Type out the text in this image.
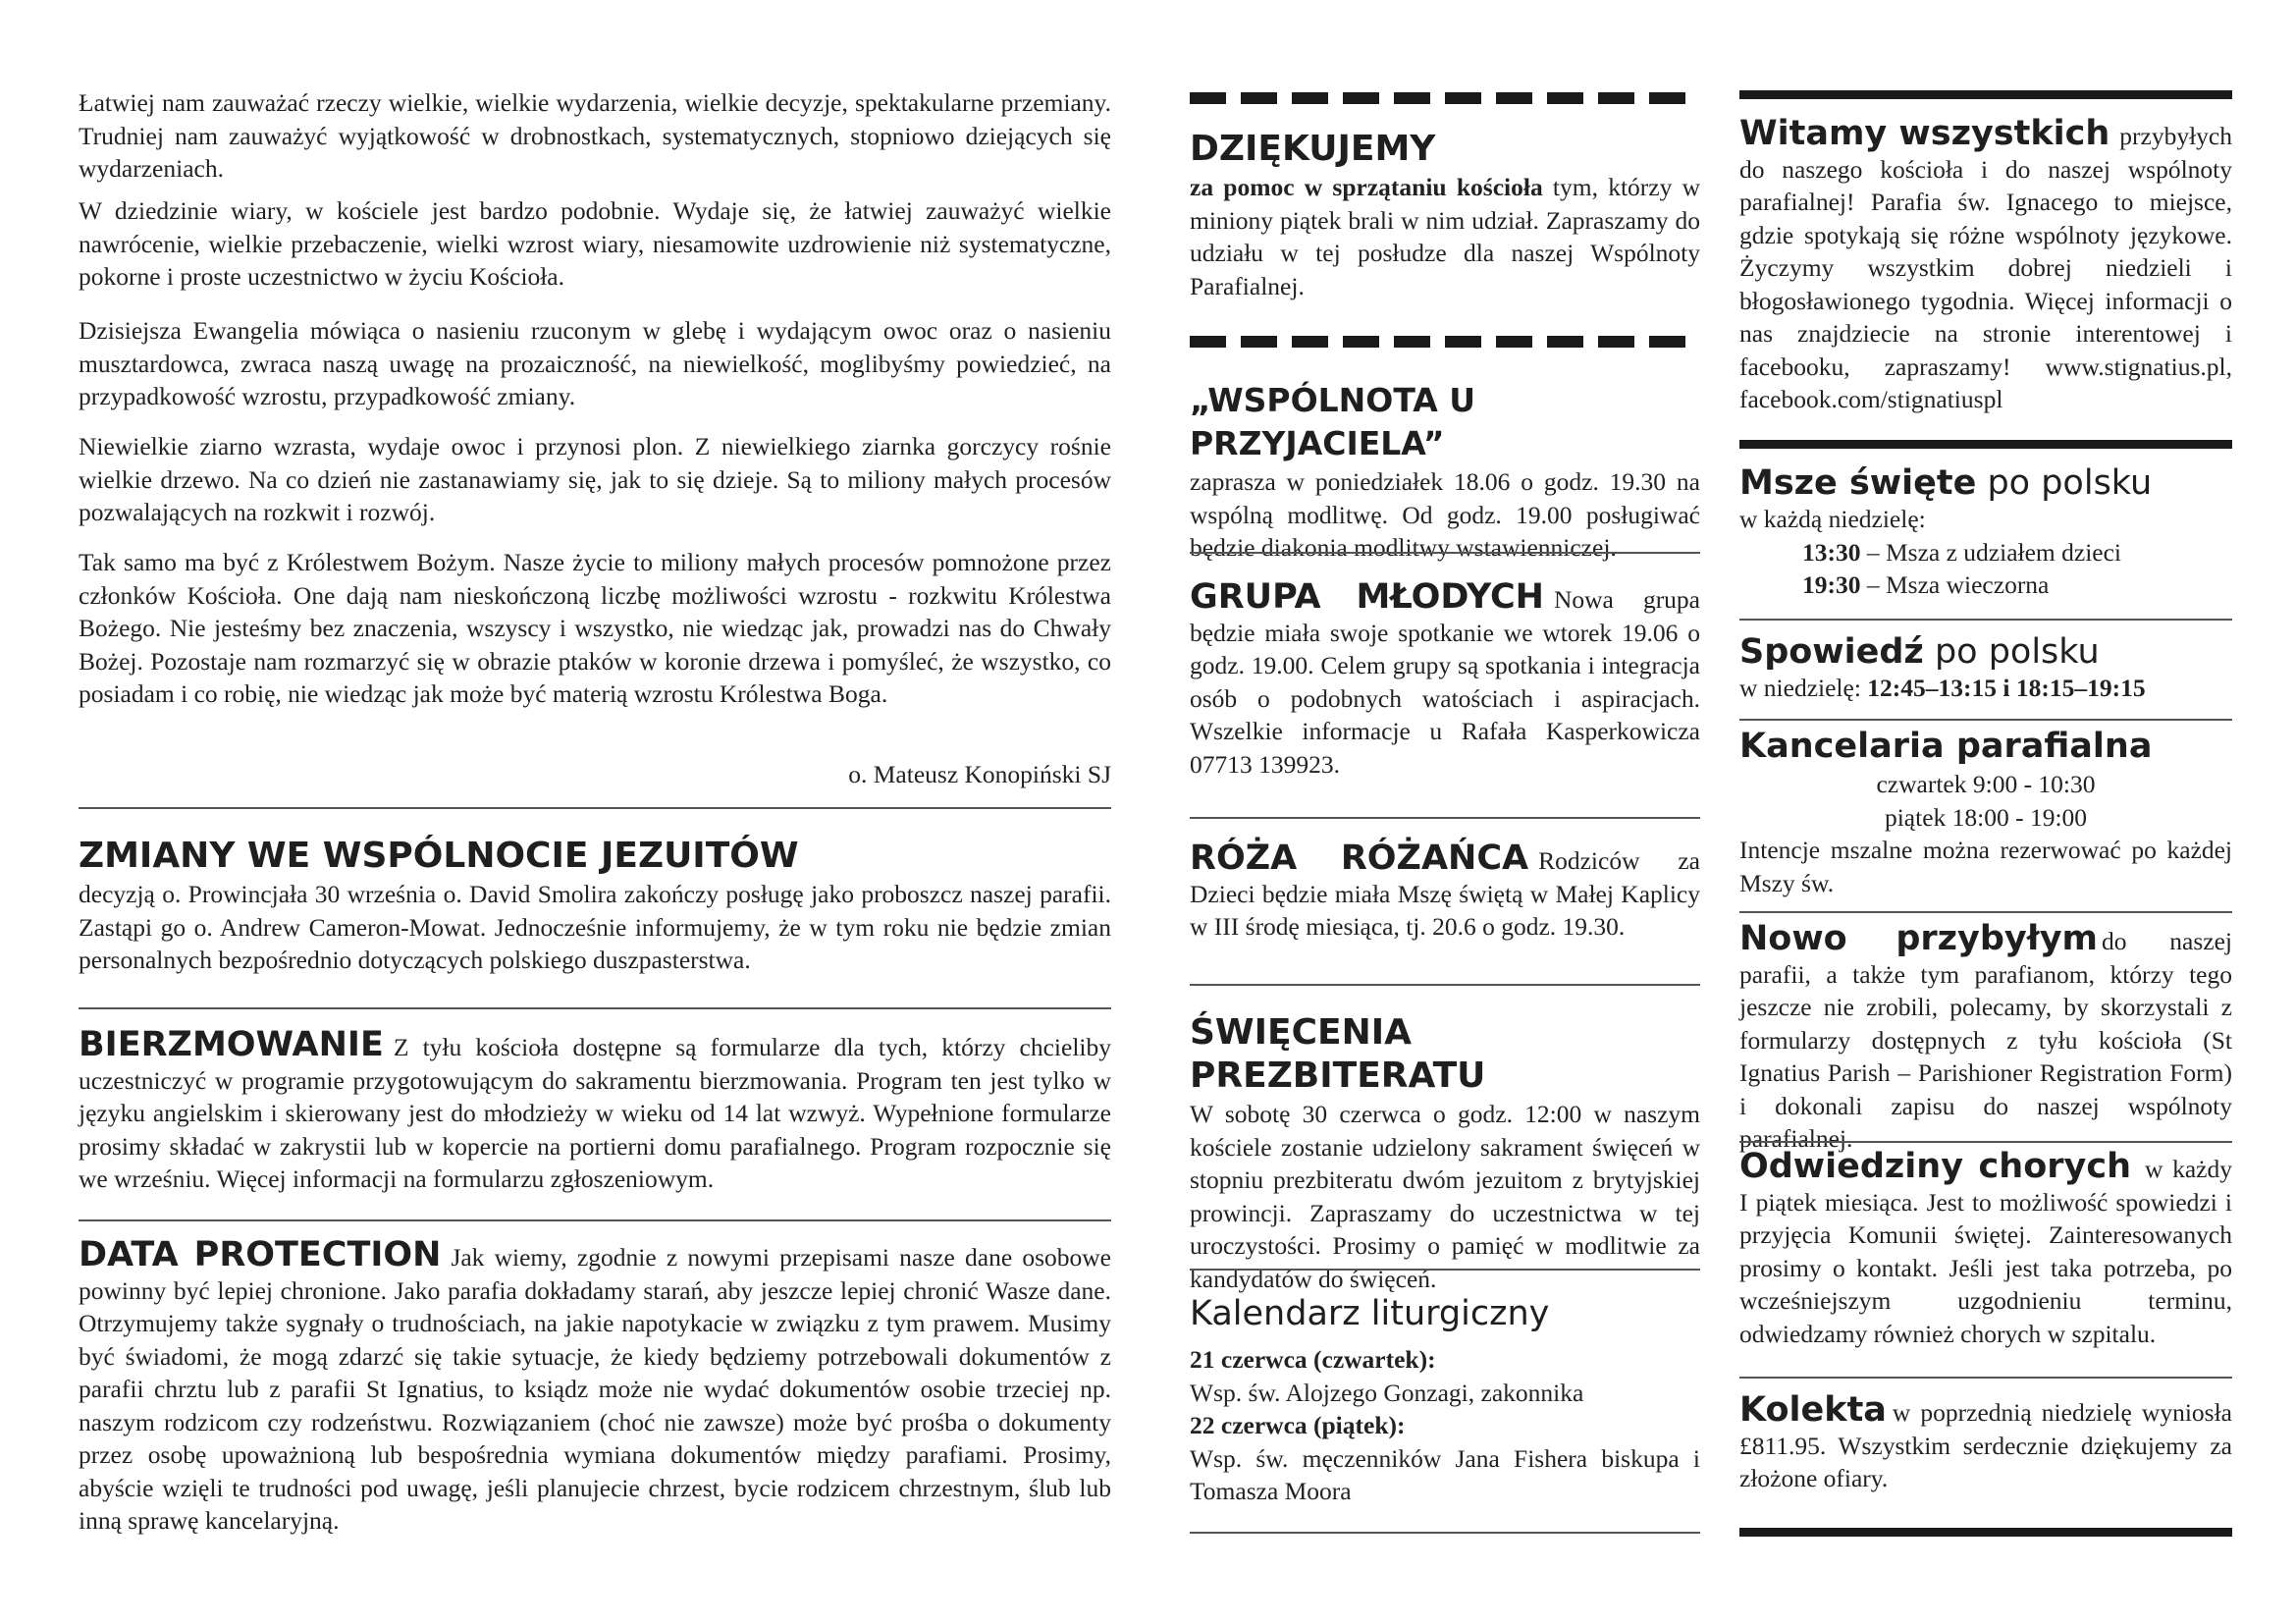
Łatwiej nam zauważać rzeczy wielkie, wielkie wydarzenia, wielkie decyzje, spektakularne przemiany. Trudniej nam zauważyć wyjątkowość w drobnostkach, systematycznych, stopniowo dziejących się wydarzeniach.

W dziedzinie wiary, w kościele jest bardzo podobnie. Wydaje się, że łatwiej zauważyć wielkie nawrócenie, wielkie przebaczenie, wielki wzrost wiary, niesamowite uzdrowienie niż systematyczne, pokorne i proste uczestnictwo w życiu Kościoła.

Dzisiejsza Ewangelia mówiąca o nasieniu rzuconym w glebę i wydającym owoc oraz o nasieniu musztardowca, zwraca naszą uwagę na prozaiczność, na niewielkość, moglibyśmy powiedzieć, na przypadkowość wzrostu, przypadkowość zmiany.

Niewielkie ziarno wzrasta, wydaje owoc i przynosi plon. Z niewielkiego ziarnka gorczycy rośnie wielkie drzewo. Na co dzień nie zastanawiamy się, jak to się dzieje. Są to miliony małych procesów pozwalających na rozkwit i rozwój.

Tak samo ma być z Królestwem Bożym. Nasze życie to miliony małych procesów pomnożone przez członków Kościoła. One dają nam nieskończoną liczbę możliwości wzrostu - rozkwitu Królestwa Bożego. Nie jesteśmy bez znaczenia, wszyscy i wszystko, nie wiedząc jak, prowadzi nas do Chwały Bożej. Pozostaje nam rozmarzyć się w obrazie ptaków w koronie drzewa i pomyśleć, że wszystko, co posiadam i co robię, nie wiedząc jak może być materią wzrostu Królestwa Boga.

o. Mateusz Konopiński SJ
ZMIANY WE WSPÓLNOCIE JEZUITÓW

decyzją o. Prowincjała 30 września o. David Smolira zakończy posługę jako proboszcz naszej parafii. Zastąpi go o. Andrew Cameron-Mowat. Jednocześnie informujemy, że w tym roku nie będzie zmian personalnych bezpośrednio dotyczących polskiego duszpasterstwa.

BIERZMOWANIE Z tyłu kościoła dostępne są formularze dla tych, którzy chcieliby uczestniczyć w programie przygotowującym do sakramentu bierzmowania. Program ten jest tylko w języku angielskim i skierowany jest do młodzieży w wieku od 14 lat wzwyż. Wypełnione formularze prosimy składać w zakrystii lub w kopercie na portierni domu parafialnego. Program rozpocznie się we wrześniu. Więcej informacji na formularzu zgłoszeniowym.
DATA PROTECTION Jak wiemy, zgodnie z nowymi przepisami nasze dane osobowe powinny być lepiej chronione. Jako parafia dokładamy starań, aby jeszcze lepiej chronić Wasze dane. Otrzymujemy także sygnały o trudnościach, na jakie napotykacie w związku z tym prawem. Musimy być świadomi, że mogą zdarzć się takie sytuacje, że kiedy będziemy potrzebowali dokumentów z parafii chrztu lub z parafii St Ignatius, to ksiądz może nie wydać dokumentów osobie trzeciej np. naszym rodzicom czy rodzeństwu. Rozwiązaniem (choć nie zawsze) może być prośba o dokumenty przez osobę upoważnioną lub bespośrednia wymiana dokumentów między parafiami. Prosimy, abyście wzięli te trudności pod uwagę, jeśli planujecie chrzest, bycie rodzicem chrzestnym, ślub lub inną sprawę kancelaryjną.
DZIĘKUJEMY

za pomoc w sprzątaniu kościoła tym, którzy w miniony piątek brali w nim udział. Zapraszamy do udziału w tej posłudze dla naszej Wspólnoty Parafialnej.

„WSPÓLNOTA U PRZYJACIELA”

zaprasza w poniedziałek 18.06 o godz. 19.30 na wspólną modlitwę. Od godz. 19.00 posługiwać będzie diakonia modlitwy wstawienniczej.

GRUPA MŁODYCH Nowa grupa będzie miała swoje spotkanie we wtorek 19.06 o godz. 19.00. Celem grupy są spotkania i integracja osób o podobnych watościach i aspiracjach. Wszelkie informacje u Rafała Kasperkowicza 07713 139923.
RÓŻA RÓŻAŃCA Rodziców za Dzieci będzie miała Mszę świętą w Małej Kaplicy w III środę miesiąca, tj. 20.6 o godz. 19.30.
ŚWIĘCENIA PREZBITERATU

W sobotę 30 czerwca o godz. 12:00 w naszym kościele zostanie udzielony sakrament święceń w stopniu prezbiteratu dwóm jezuitom z brytyjskiej prowincji. Zapraszamy do uczestnictwa w tej uroczystości. Prosimy o pamięć w modlitwie za kandydatów do święceń.

Kalendarz liturgiczny
21 czerwca (czwartek):
Wsp. św. Alojzego Gonzagi, zakonnika
22 czerwca (piątek):
Wsp. św. męczenników Jana Fishera biskupa i Tomasza Moora
Witamy wszystkich przybyłych do naszego kościoła i do naszej wspólnoty parafialnej! Parafia św. Ignacego to miejsce, gdzie spotykają się różne wspólnoty językowe. Życzymy wszystkim dobrej niedzieli i błogosławionego tygodnia. Więcej informacji o nas znajdziecie na stronie interentowej i facebooku, zapraszamy! www.stignatius.pl, facebook.com/stignatiuspl
Msze święte po polsku
w każdą niedzielę:
13:30 – Msza z udziałem dzieci
19:30 – Msza wieczorna
Spowiedź po polsku
w niedzielę: 12:45–13:15 i 18:15–19:15
Kancelaria parafialna
czwartek 9:00 - 10:30
piątek 18:00 - 19:00

Intencje mszalne można rezerwować po każdej Mszy św.

Nowo przybyłym do naszej parafii, a także tym parafianom, którzy tego jeszcze nie zrobili, polecamy, by skorzystali z formularzy dostępnych z tyłu kościoła (St Ignatius Parish – Parishioner Registration Form) i dokonali zapisu do naszej wspólnoty parafialnej.
Odwiedziny chorych w każdy I piątek miesiąca. Jest to możliwość spowiedzi i przyjęcia Komunii świętej. Zainteresowanych prosimy o kontakt. Jeśli jest taka potrzeba, po wcześniejszym uzgodnieniu terminu, odwiedzamy również chorych w szpitalu.
Kolekta w poprzednią niedzielę wyniosła £811.95. Wszystkim serdecznie dziękujemy za złożone ofiary.
